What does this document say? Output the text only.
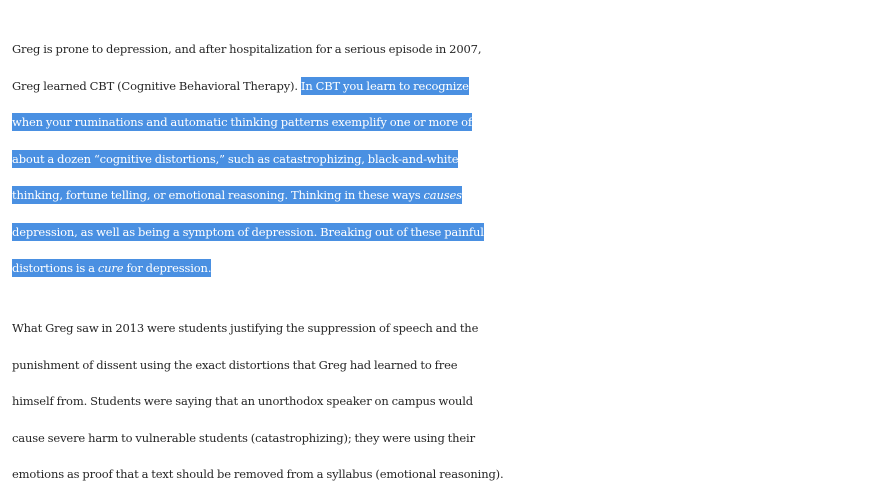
Greg is prone to depression, and after hospitalization for a serious episode in 2007,
Greg learned CBT (Cognitive Behavioral Therapy). In CBT you learn to recognize
when your ruminations and automatic thinking patterns exemplify one or more of
about a dozen “cognitive distortions,” such as catastrophizing, black-and-white
thinking, fortune telling, or emotional reasoning. Thinking in these ways causes
depression, as well as being a symptom of depression. Breaking out of these painful
distortions is a cure for depression.

What Greg saw in 2013 were students justifying the suppression of speech and the
punishment of dissent using the exact distortions that Greg had learned to free
himself from. Students were saying that an unorthodox speaker on campus would
cause severe harm to vulnerable students (catastrophizing); they were using their
emotions as proof that a text should be removed from a syllabus (emotional reasoning).
